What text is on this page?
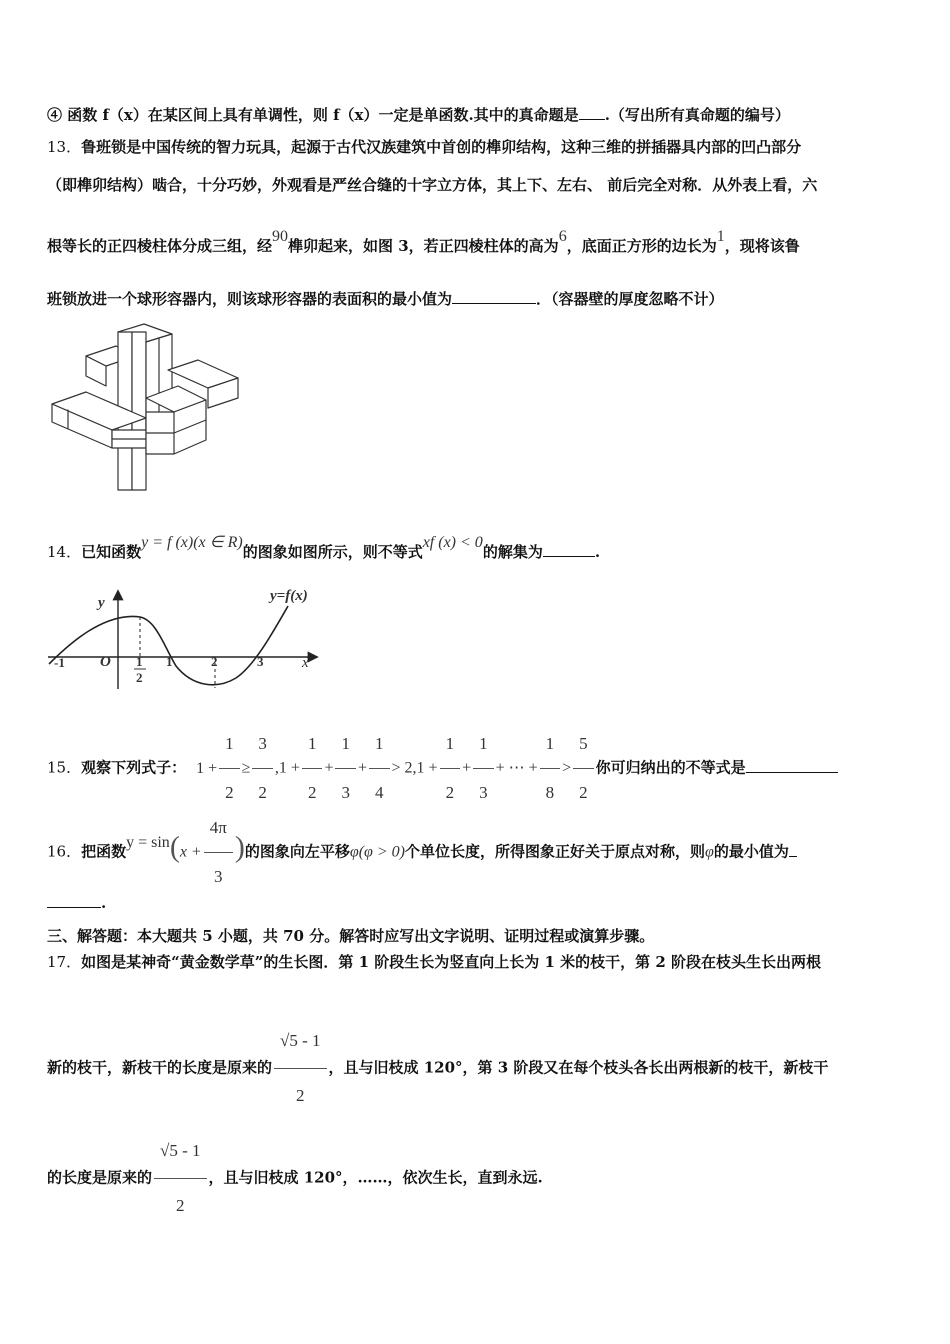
④ 函数 f（x）在某区间上具有单调性，则 f（x）一定是单函数.其中的真命题是 .（写出所有真命题的编号）
13．鲁班锁是中国传统的智力玩具，起源于古代汉族建筑中首创的榫卯结构，这种三维的拼插器具内部的凹凸部分
（即榫卯结构）啮合，十分巧妙，外观看是严丝合缝的十字立方体，其上下、左右、 前后完全对称．从外表上看，六
根等长的正四棱柱体分成三组，经90榫卯起来，如图 3，若正四棱柱体的高为6，底面正方形的边长为1，现将该鲁
班锁放进一个球形容器内，则该球形容器的表面积的最小值为	．（容器壁的厚度忽略不计）
14．已知函数y = f (x)(x ∈ R)的图象如图所示，则不等式xf (x) < 0的解集为	.
y	y=f(x)
x
O
-1	1
2
1	2	3
15．观察下列式子： $1 + \frac{1}{2} \ge \frac{3}{2} ,1 + \frac{1}{2} + \frac{1}{3} + \frac{1}{4} > 2,1 + \frac{1}{2} + \frac{1}{3}$ + ⋯ + $\frac{1}{8} > \frac{5}{2}$ 你可归纳出的不等式是
16．把函数$y = \sin(x + \frac{4\pi}{3}$ )的图象向左平移φ(φ > 0)个单位长度，所得图象正好关于原点对称，则φ的最小值为
.
三、解答题：本大题共 5 小题，共 70 分。解答时应写出文字说明、证明过程或演算步骤。
17．如图是某神奇“黄金数学草”的生长图．第 1 阶段生长为竖直向上长为 1 米的枝干，第 2 阶段在枝头生长出两根
新的枝干，新枝干的长度是原来的 $\frac{√5 - 1}{2}$ ，且与旧枝成 120°，第 3 阶段又在每个枝头各长出两根新的枝干，新枝干
的长度是原来的 $\frac{√5 - 1}{2}$ ，且与旧枝成 120°，……，依次生长，直到永远.
